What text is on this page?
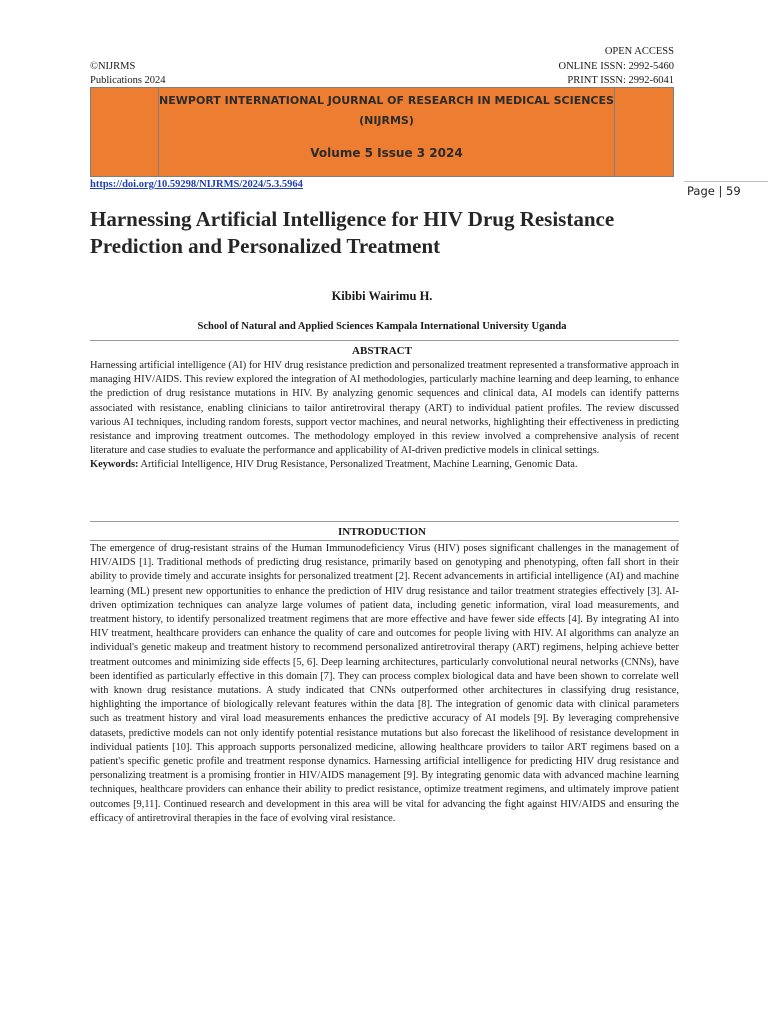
©NIJRMS
Publications 2024
OPEN ACCESS
ONLINE ISSN: 2992-5460
PRINT ISSN: 2992-6041
NEWPORT INTERNATIONAL JOURNAL OF RESEARCH IN MEDICAL SCIENCES
(NIJRMS)
Volume 5 Issue 3 2024
https://doi.org/10.59298/NIJRMS/2024/5.3.5964	Page | 59
Harnessing Artificial Intelligence for HIV Drug Resistance Prediction and Personalized Treatment
Kibibi Wairimu H.
School of Natural and Applied Sciences Kampala International University Uganda
ABSTRACT
Harnessing artificial intelligence (AI) for HIV drug resistance prediction and personalized treatment represented a transformative approach in managing HIV/AIDS. This review explored the integration of AI methodologies, particularly machine learning and deep learning, to enhance the prediction of drug resistance mutations in HIV. By analyzing genomic sequences and clinical data, AI models can identify patterns associated with resistance, enabling clinicians to tailor antiretroviral therapy (ART) to individual patient profiles. The review discussed various AI techniques, including random forests, support vector machines, and neural networks, highlighting their effectiveness in predicting resistance and improving treatment outcomes. The methodology employed in this review involved a comprehensive analysis of recent literature and case studies to evaluate the performance and applicability of AI-driven predictive models in clinical settings.
Keywords: Artificial Intelligence, HIV Drug Resistance, Personalized Treatment, Machine Learning, Genomic Data.
INTRODUCTION
The emergence of drug-resistant strains of the Human Immunodeficiency Virus (HIV) poses significant challenges in the management of HIV/AIDS [1]. Traditional methods of predicting drug resistance, primarily based on genotyping and phenotyping, often fall short in their ability to provide timely and accurate insights for personalized treatment [2]. Recent advancements in artificial intelligence (AI) and machine learning (ML) present new opportunities to enhance the prediction of HIV drug resistance and tailor treatment strategies effectively [3]. AI-driven optimization techniques can analyze large volumes of patient data, including genetic information, viral load measurements, and treatment history, to identify personalized treatment regimens that are more effective and have fewer side effects [4]. By integrating AI into HIV treatment, healthcare providers can enhance the quality of care and outcomes for people living with HIV. AI algorithms can analyze an individual's genetic makeup and treatment history to recommend personalized antiretroviral therapy (ART) regimens, helping achieve better treatment outcomes and minimizing side effects [5, 6]. Deep learning architectures, particularly convolutional neural networks (CNNs), have been identified as particularly effective in this domain [7]. They can process complex biological data and have been shown to correlate well with known drug resistance mutations. A study indicated that CNNs outperformed other architectures in classifying drug resistance, highlighting the importance of biologically relevant features within the data [8]. The integration of genomic data with clinical parameters such as treatment history and viral load measurements enhances the predictive accuracy of AI models [9]. By leveraging comprehensive datasets, predictive models can not only identify potential resistance mutations but also forecast the likelihood of resistance development in individual patients [10]. This approach supports personalized medicine, allowing healthcare providers to tailor ART regimens based on a patient's specific genetic profile and treatment response dynamics. Harnessing artificial intelligence for predicting HIV drug resistance and personalizing treatment is a promising frontier in HIV/AIDS management [9]. By integrating genomic data with advanced machine learning techniques, healthcare providers can enhance their ability to predict resistance, optimize treatment regimens, and ultimately improve patient outcomes [9,11]. Continued research and development in this area will be vital for advancing the fight against HIV/AIDS and ensuring the efficacy of antiretroviral therapies in the face of evolving viral resistance.
